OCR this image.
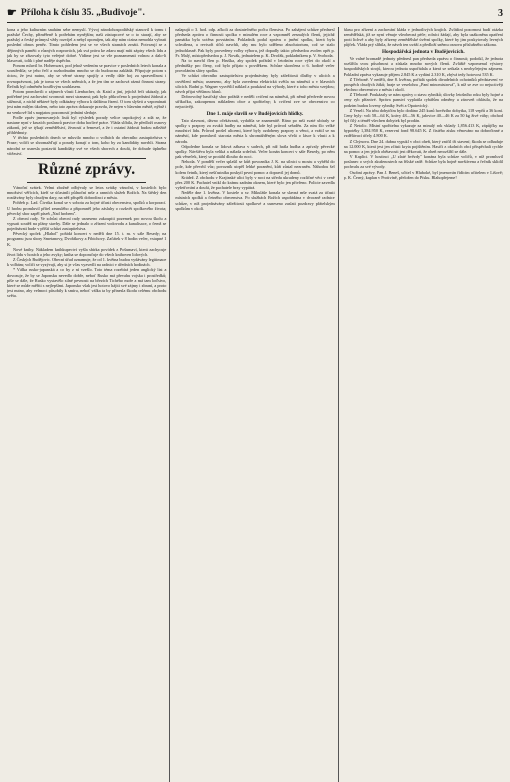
☛ Příloha k číslu 35. „Budivoje".	3

kona a jeho kulturním snahám sebe nemyslí. Vývoj národohospodářský stanovil k tomu i pražské Čechy, přiměřeně k potřebám nynějším; naši zástupcové se o to starají, aby se pražský a český průmysl vždy rozvíjel a nebyl opomíjen, tak aby nám cizina nemohla vybrati poslední obnos peněz. Tímto pohledem jest se ve všech stranách zrnáti. Potvrzují se z dějinných paměti o různých rozpravách, jak svá práva ke zdaru mají míti zápisy všech lidu a jak by se zřizovaly tyto veřejné dobré. Vidíme jest se vše poznamenati volnou a dalo-li hlasovati, tolik i plné naděje úspěchu.

Ponom mluvil br. Hohenwart, pod jehož vedením se pravice v posledních letech konala a soustředila; se jeho řečí a rozhodnutím mnoho se do budoucna zakládá. Připojuje potom s úctou, že jest nutno, aby se věrné strany spojily a vedly dále boj za spravedlnost i rovnoprávnost, jak je tomu ve všech sněmích, a že jen tím se zachová rázná činnost strany. Řečník byl odměněn bouřlivým souhlasem.

Potom promluvili o zájmech vlasti Lienbacher, dr. Kaizl a jiní, jejichž řeči ukázaly, jak potřebné jest zachování svornosti mezi stranami; pak bylo přikročeno k projednání žádostí a stížností, z nichž některé byly odkázány výboru k dalšímu řízení. O tom slyšeti a vzpomínati jest nám milým úkolem, nebo tato zpráva dokazuje pravdu, že nejen v hlavním městě, nýbrž i na venkově lid s napjatou pozorností jednání sleduje.

Podle zpráv jmenovaných listů byl výsledek porady velice uspokojivý a zdá se, že nastane nyní v kruzích poslanců pravice doba horlivé práce. Vláda slíbila, že předloží osnovy zákonů, jež se týkají zemědělství, živností a řemesel, a že i ostatní žádosti budou náležitě přihlédnuty.

V těchto posledních dnech se mluvilo mnoho o volbách do obecního zastupitelstva v Praze; voliči se shromažďují a porady konají o tom, koho by za kandidáty navrhli. Strana národní se usnesla postaviti kandidáty své ve všech sborech a doufá, že dobude úplného vítězství.

Různé zprávy.

Vánoční svátek. Velmi zbožně odbývaly se letos svátky vánoční, v kostelích bylo množství věřících, kteří se účastnili půlnoční mše a ranních služeb Božích. Na štědrý den rozdávány byly chudým dary, na něž přispěli dobrodinci z města.

Pohřeb p. Lad. Čivrtka konal se v sobotu za hojné účasti obecenstva, spolků a korporací. U hrobu promluvil přítel zesnulého a připomněl jeho zásluhy o rozkvět spolkového života; pěvecký sbor zapěl píseň „Nad hrobem".

Z obecní rady. Ve schůzi obecní rady usneseno zakoupiti pozemek pro novou školu a vypsati soutěž na plány stavby. Dále se jednalo o zřízení vodovodu a kanalisace, o čemž se pojednávati bude v příští schůzi zastupitelstva.

Pěvecký spolek „Hlahol" pořádá koncert v neděli dne 15. t. m. v sále Besedy; na programu jsou sbory Smetanovy, Dvořákovy a Fibichovy. Začátek v 8 hodin večer, vstupné 1 K.

Nové knihy. Nákladem knihkupectví vyšla sbírka povídek z Pošumaví, která zachycuje život lidu v horách a jeho zvyky; kniha se doporučuje do všech knihoven lidových.

Z Českých Budějovic. Obecní úřad oznamuje, že od 1. května budou vydávány legitimace k volbám; voliči se vyzývají, aby si je včas vyzvedli na radnici v úředních hodinách.

* Válka rusko-japanská a co by z ní vzešlo. Toto téma rozebírá jeden anglický list a dovozuje, že by se Japonsku nevedlo dobře, neboť Rusko má převahu vojska i prostředků; píše se dále, že Rusko vystavělo silné pevnosti na březích Tichého moře a má tam loďstvo, které se může měřiti s nejlepšími. Japonsko však jest hotovo hájiti své zájmy i zbraní, a proto jest nutno, aby velmoci působily k smíru, neboť válka ta by přinesla škodu celému obchodu světa.

nalapujů o 3. hod. odp. ačkoli za dostatečného počtu členstva. Po zahájení schůze přednesl předseda zprávu o činnosti spolku v minulém roce a vzpomněl zesnulých členů, jejichž památka byla uctěna povstáním. Pokladník podal zprávu o jmění spolku, která byla schválena, a revisoři účtů navrhli, aby mu bylo uděleno absolutorium, což se stalo jednohlasně. Pak byly provedeny volby výboru, jež dopadly takto: předsedou zvolen opět p. Fr. Malý, místopředsedou p. J. Novák, jednatelem p. K. Dvořák, pokladníkem p. V. Svoboda.

Na to navrhl člen p. Hruška, aby spolek pořádal v letošním roce výlet do okolí a přednášky pro členy, což bylo přijato s povděkem. Schůze skončena o 6. hodině večer provoláním slávy spolku.

Ve schůzi obecního zastupitelstva projednávány byly záležitosti dlažby v ulicích a osvětlení města; usneseno, aby byla zavedena elektrická světla na náměstí a v hlavních ulicích. Radní p. Wagner vysvětlil náklad a poukázal na výhody, které z toho městu vzejdou; návrh přijat většinou hlasů.

Dobrovolný hasičský sbor pořádá v neděli cvičení na náměstí, při němž předvede novou stříkačku, zakoupenou nákladem obce a spořitelny; k cvičení zve se obecenstvo co nejuctivěji.

Dne 1. máje slavili se v Budějovicích hlídky.

Tato slavnost, dávno očekávaná, vydařila se znamenitě. Ráno po mši svaté ubíraly se spolky s prapory za zvuků hudby na náměstí, kde byl průvod seřaděn. Za ním šlo velké množství lidu. Průvod prošel ulicemi, které byly ozdobeny prapory a věnci, a vrátil se na náměstí, kde promluvil starosta města k shromážděným slova vřelá o lásce k vlasti a k národu.

Odpoledne konala se lidová zábava v sadech, při níž hrála hudba a zpívaly pěvecké spolky. Návštěva byla veliká a nálada srdečná. Večer konán koncert v sále Besedy, po něm pak věneček, který se protáhl dlouho do noci.

Nehoda. V pondělí večer splašil se kůň povozníka J. K. na silnici u mostu a vyběhl do pole, kde převrhl vůz; povozník utrpěl lehké poranění, kůň zůstal nezraněn. Náhodou šel kolem četník, který nešťastníku poskytl první pomoc a dopravil jej domů.

Krádež. Z obchodu v Krajinské ulici byly v noci na středu ukradeny rozličné věci v ceně přes 200 K. Pachatel vnikl do krámu zadním oknem, které bylo jen přivřeno. Policie zavedla vyšetřování a doufá, že pachatele brzy vypátrá.

Neděle dne 1. května. V kostele u sv. Mikuláše konala se slavná mše svatá za účasti místních spolků a četného obecenstva. Po službách Božích uspořádána v dvoraně radnice schůze, v níž projednávány záležitosti spolkové a usneseno zaslati pozdravy přátelským spolkům v okolí.

hlasu pro zřízení a zachování kláda v jednotlivých krajích. Zvláštní pozornost budí otázka zemědělská, jíž se nyní věnuje všeobecná péče; rolníci žádají, aby byla uzákoněna opatření proti lichvě a aby byly zřízeny zemědělské úvěrní spolky, které by jim poskytovaly levných půjček. Vláda prý slíbila, že návrh ten uváží a předloží sněmu osnovu příslušného zákona.

Hospodářská jednota v Budějovicích.

Ve valné hromadě jednoty přednesl pan předseda zprávu o činnosti; podotkl, že jednota rozšířila svou působnost a získala mnoho nových členů. Zvláště vzpomenul výstavy hospodářských strojů, kterou jednota uspořádala a která se setkala s neobyčejným zájmem. Pokladní zpráva vykazuje příjem 2.845 K a vydání 2.310 K, zbývá tedy hotovost 535 K.

Z Třeboně. V neděli, dne 8. května, pořádá spolek divadelních ochotníků představení ve prospěch chudých žáků; hraje se veselohra „Paní mincmistrová", k níž se zve co nejuctivěji všechno obecenstvo z města i okolí.

Z Třeboně. Poukázaly se nám zprávy o stavu rybníků; úlovky letošního roku byly hojné a ceny ryb příznivé. Správa panství vyplatila rybářům odměny a zároveň ohlásila, že na podzim budou loveny rybníky Svět a Opatovický.

Z Veselí. Na trhu dobytčím bylo dodáno 245 kusů hovězího dobytka, 118 vepřů a 36 koní. Ceny byly: voli 58—64 K, krávy 48—56 K, jalovice 40—46 K za 50 kg živé váhy; obchod byl čilý a téměř všechen dobytek byl prodán.

Z Netolic. Místní spořitelna vykazuje za minulý rok vklady 1,856.413 K, zápůjčky na hypotéky 1,384.950 K, rezervní fond 98.645 K. Z čistého zisku věnováno na dobročinné a vzdělávací účely 4.800 K.

Z Chýnova. Dne 24. dubna vypukl v obci oheň, který zničil tři stavení; škoda se odhaduje na 12.000 K, která jest jen zčásti kryta pojištěním. Hasiči z okolních obcí přispěchali rychle na pomoc a jen jejich obětavosti jest děkovati, že oheň nerozšířil se dále.

V Kaplici. V hostinci „U zlaté hvězdy" konána byla schůze voličů, v níž promluvil poslanec o svých zkušenostech na říšské radě. Schůze byla hojně navštívena a řečník sklidil pochvalu za své vývody.

Osobní zprávy. Pan J. Beneš, učitel v Hluboké, byl jmenován řídícím učitelem v Lišově; p. K. Černý, kaplan v Protivíně, přeložen do Písku. Blahopřejeme!
